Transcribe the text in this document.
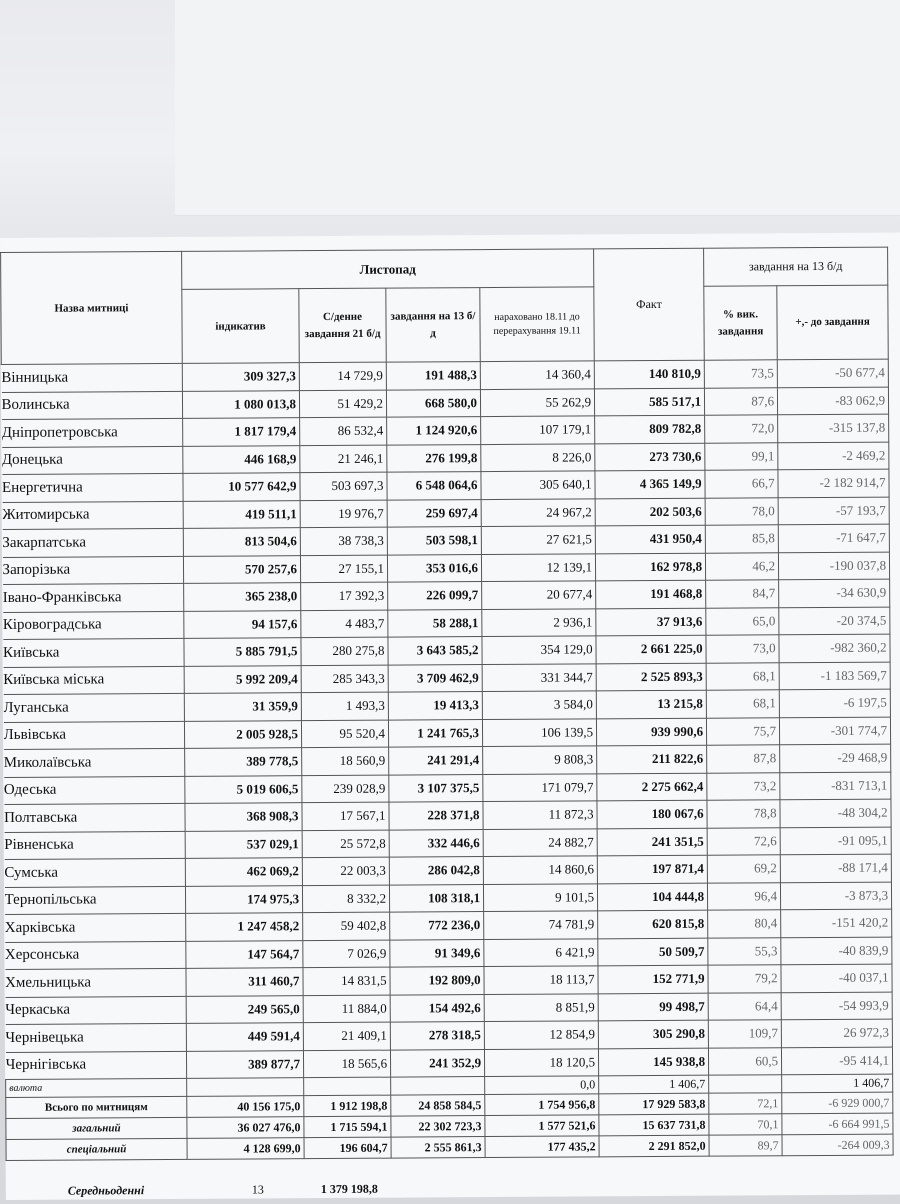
Назва митниці	Листопад				Факт	завдання на 13 б/д	
	індикатив	С/денне завдання 21 б/д	завдання на 13 б/д	нараховано 18.11 до перерахування 19.11		% вик. завдання	+,- до завдання
Вінницька	309 327,3	14 729,9	191 488,3	14 360,4	140 810,9	73,5	-50 677,4
Волинська	1 080 013,8	51 429,2	668 580,0	55 262,9	585 517,1	87,6	-83 062,9
Дніпропетровська	1 817 179,4	86 532,4	1 124 920,6	107 179,1	809 782,8	72,0	-315 137,8
Донецька	446 168,9	21 246,1	276 199,8	8 226,0	273 730,6	99,1	-2 469,2
Енергетична	10 577 642,9	503 697,3	6 548 064,6	305 640,1	4 365 149,9	66,7	-2 182 914,7
Житомирська	419 511,1	19 976,7	259 697,4	24 967,2	202 503,6	78,0	-57 193,7
Закарпатська	813 504,6	38 738,3	503 598,1	27 621,5	431 950,4	85,8	-71 647,7
Запорізька	570 257,6	27 155,1	353 016,6	12 139,1	162 978,8	46,2	-190 037,8
Івано-Франківська	365 238,0	17 392,3	226 099,7	20 677,4	191 468,8	84,7	-34 630,9
Кіровоградська	94 157,6	4 483,7	58 288,1	2 936,1	37 913,6	65,0	-20 374,5
Київська	5 885 791,5	280 275,8	3 643 585,2	354 129,0	2 661 225,0	73,0	-982 360,2
Київська міська	5 992 209,4	285 343,3	3 709 462,9	331 344,7	2 525 893,3	68,1	-1 183 569,7
Луганська	31 359,9	1 493,3	19 413,3	3 584,0	13 215,8	68,1	-6 197,5
Львівська	2 005 928,5	95 520,4	1 241 765,3	106 139,5	939 990,6	75,7	-301 774,7
Миколаївська	389 778,5	18 560,9	241 291,4	9 808,3	211 822,6	87,8	-29 468,9
Одеська	5 019 606,5	239 028,9	3 107 375,5	171 079,7	2 275 662,4	73,2	-831 713,1
Полтавська	368 908,3	17 567,1	228 371,8	11 872,3	180 067,6	78,8	-48 304,2
Рівненська	537 029,1	25 572,8	332 446,6	24 882,7	241 351,5	72,6	-91 095,1
Сумська	462 069,2	22 003,3	286 042,8	14 860,6	197 871,4	69,2	-88 171,4
Тернопільська	174 975,3	8 332,2	108 318,1	9 101,5	104 444,8	96,4	-3 873,3
Харківська	1 247 458,2	59 402,8	772 236,0	74 781,9	620 815,8	80,4	-151 420,2
Херсонська	147 564,7	7 026,9	91 349,6	6 421,9	50 509,7	55,3	-40 839,9
Хмельницька	311 460,7	14 831,5	192 809,0	18 113,7	152 771,9	79,2	-40 037,1
Черкаська	249 565,0	11 884,0	154 492,6	8 851,9	99 498,7	64,4	-54 993,9
Чернівецька	449 591,4	21 409,1	278 318,5	12 854,9	305 290,8	109,7	26 972,3
Чернігівська	389 877,7	18 565,6	241 352,9	18 120,5	145 938,8	60,5	-95 414,1
валюта				0,0	1 406,7		1 406,7
Всього по митницям	40 156 175,0	1 912 198,8	24 858 584,5	1 754 956,8	17 929 583,8	72,1	-6 929 000,7
загальний	36 027 476,0	1 715 594,1	22 302 723,3	1 577 521,6	15 637 731,8	70,1	-6 664 991,5
спеціальний	4 128 699,0	196 604,7	2 555 861,3	177 435,2	2 291 852,0	89,7	-264 009,3
Середньоденні	13	1 379 198,8
